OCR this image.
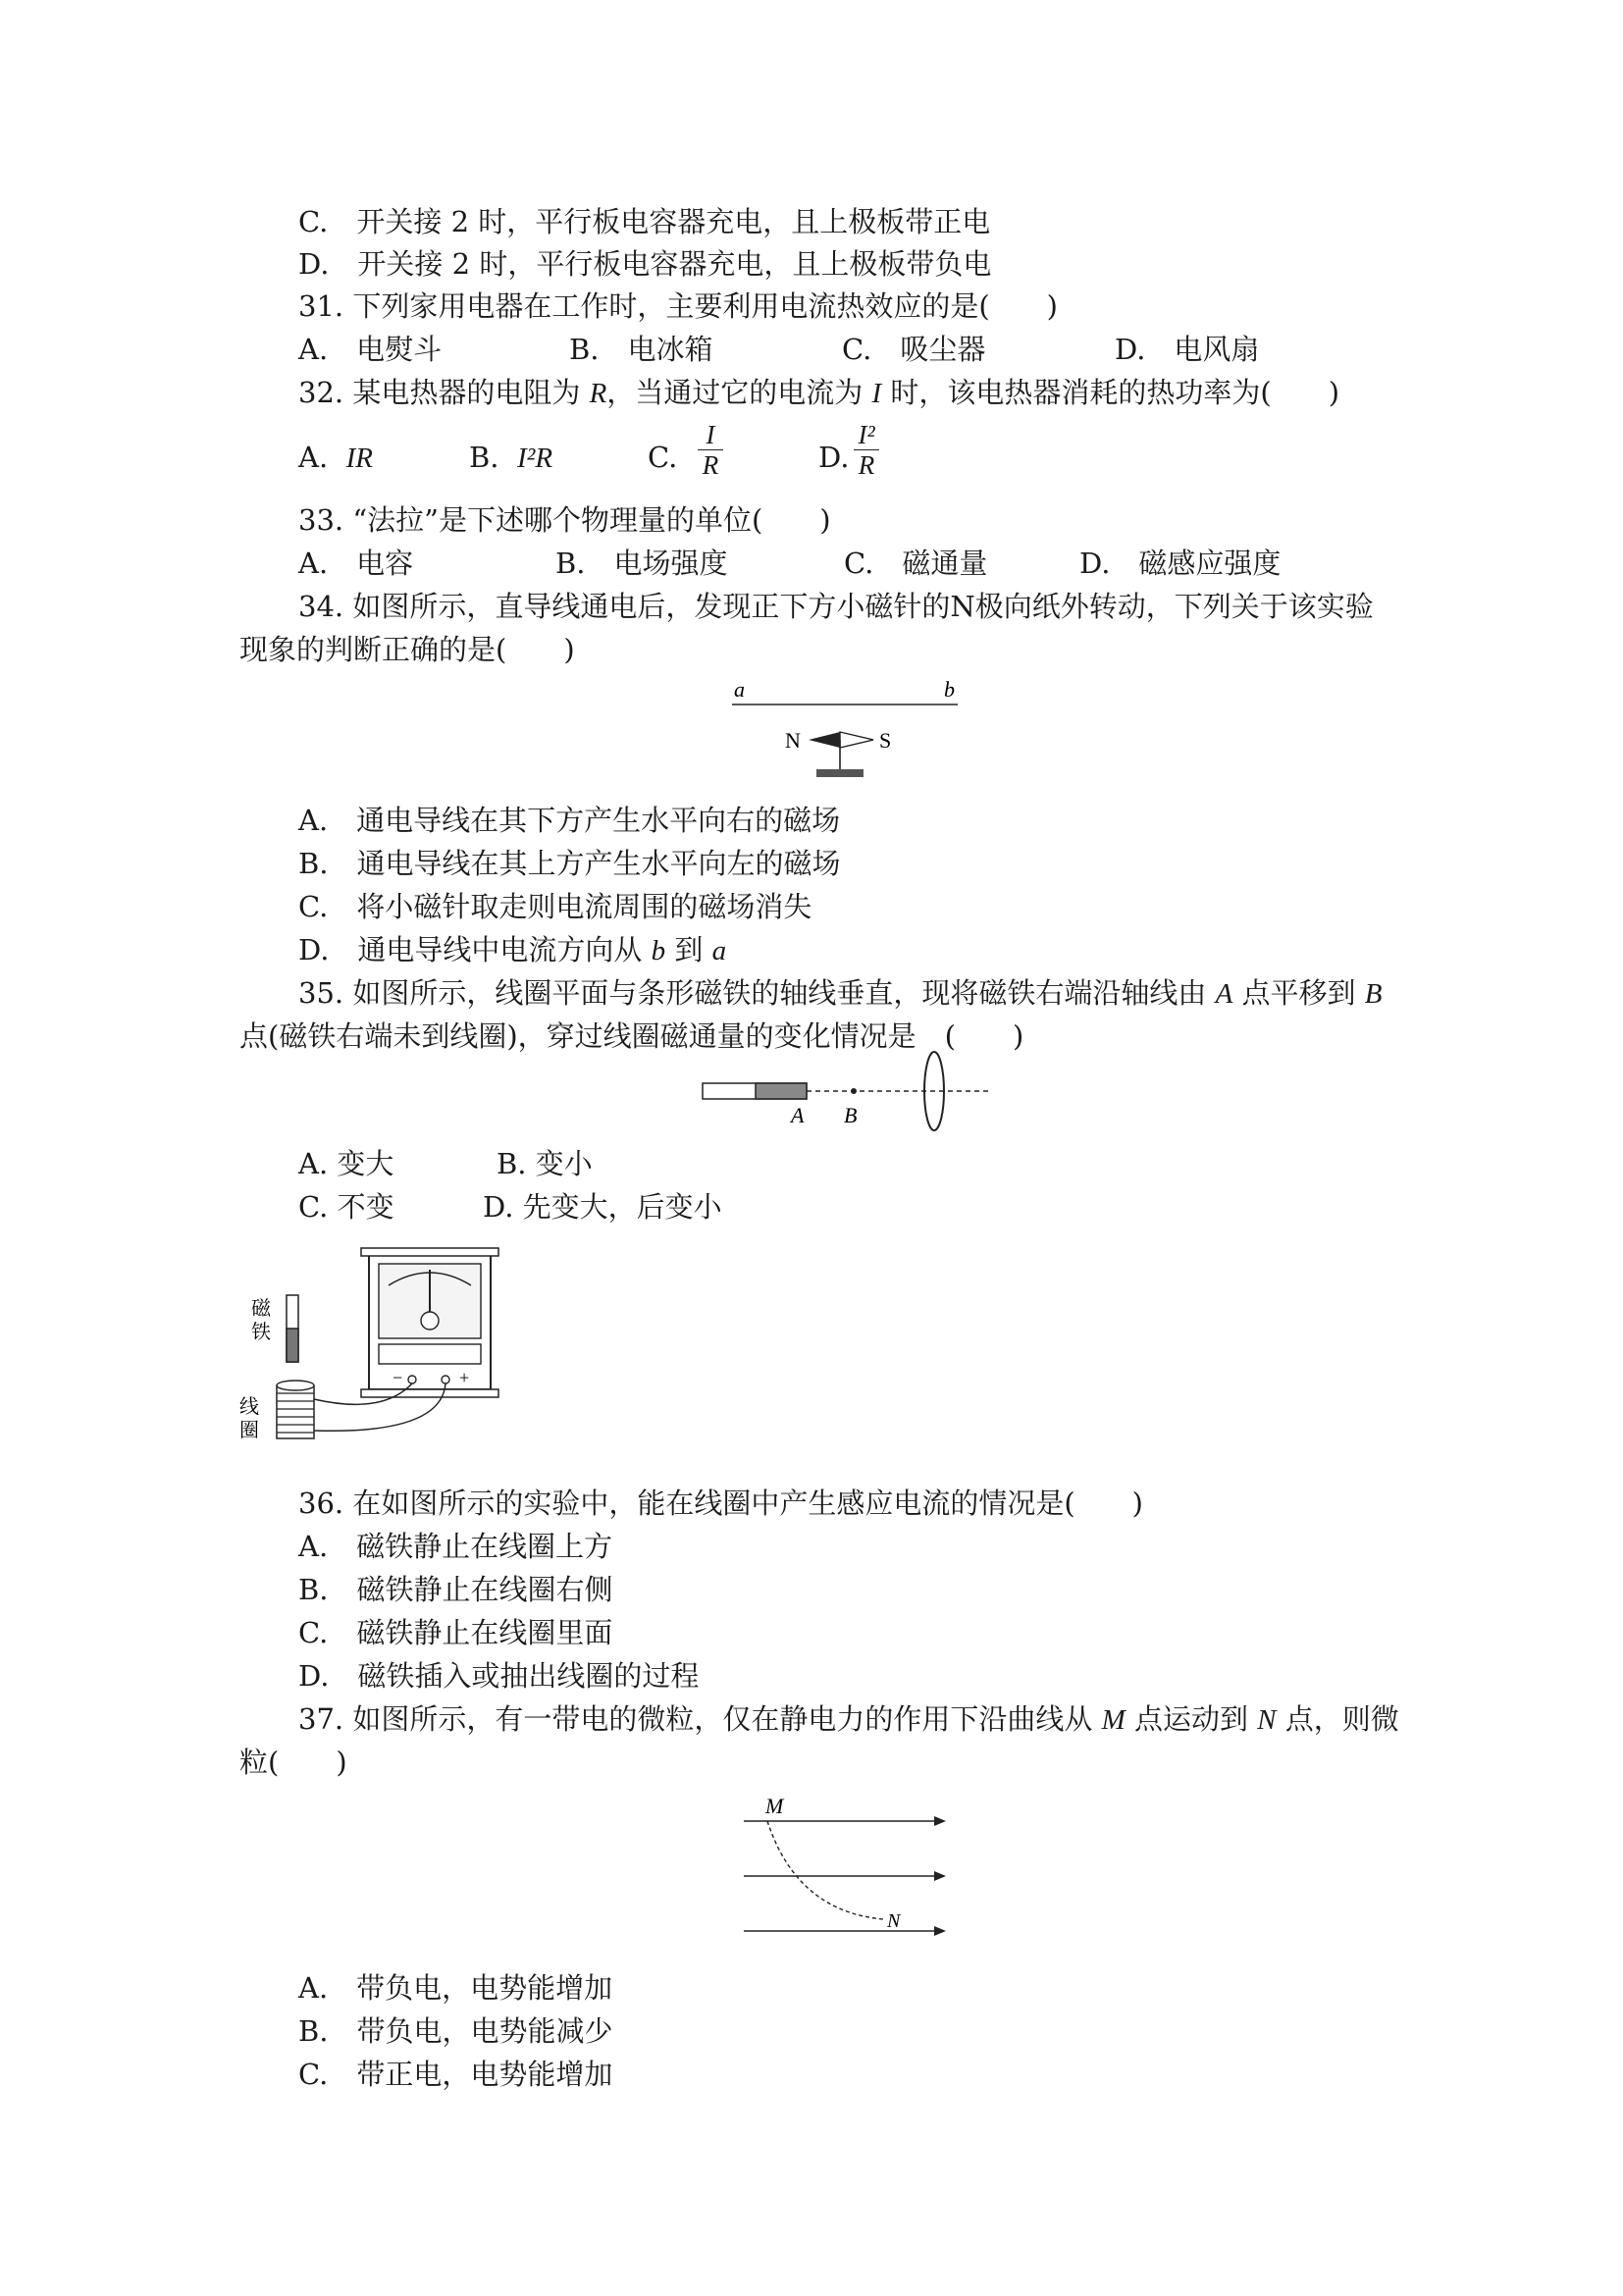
C.　开关接 2 时，平行板电容器充电，且上极板带正电
D.　开关接 2 时，平行板电容器充电，且上极板带负电
31. 下列家用电器在工作时，主要利用电流热效应的是(　　)
A.　电熨斗	B.　电冰箱	C.　吸尘器	D.　电风扇
32. 某电热器的电阻为 R，当通过它的电流为 I 时，该电热器消耗的热功率为(　　)
A. IR	B. I²R	C.
I
R	D.
I²
R
33. “法拉”是下述哪个物理量的单位(　　)
A.　电容	B.　电场强度	C.　磁通量	D.　磁感应强度
34. 如图所示，直导线通电后，发现正下方小磁针的N极向纸外转动，下列关于该实验
现象的判断正确的是(　　)
a	b
N	S
A.　通电导线在其下方产生水平向右的磁场
B.　通电导线在其上方产生水平向左的磁场
C.　将小磁针取走则电流周围的磁场消失
D.　通电导线中电流方向从 b 到 a
35. 如图所示，线圈平面与条形磁铁的轴线垂直，现将磁铁右端沿轴线由 A 点平移到 B
点(磁铁右端未到线圈)，穿过线圈磁通量的变化情况是　(　　)
A B
A. 变大	B. 变小
C. 不变	D. 先变大，后变小
磁
铁
线
圈
−	+
36. 在如图所示的实验中，能在线圈中产生感应电流的情况是(　　)
A.　磁铁静止在线圈上方
B.　磁铁静止在线圈右侧
C.　磁铁静止在线圈里面
D.　磁铁插入或抽出线圈的过程
37. 如图所示，有一带电的微粒，仅在静电力的作用下沿曲线从 M 点运动到 N 点，则微
粒(　　)
M
N
A.　带负电，电势能增加
B.　带负电，电势能减少
C.　带正电，电势能增加
